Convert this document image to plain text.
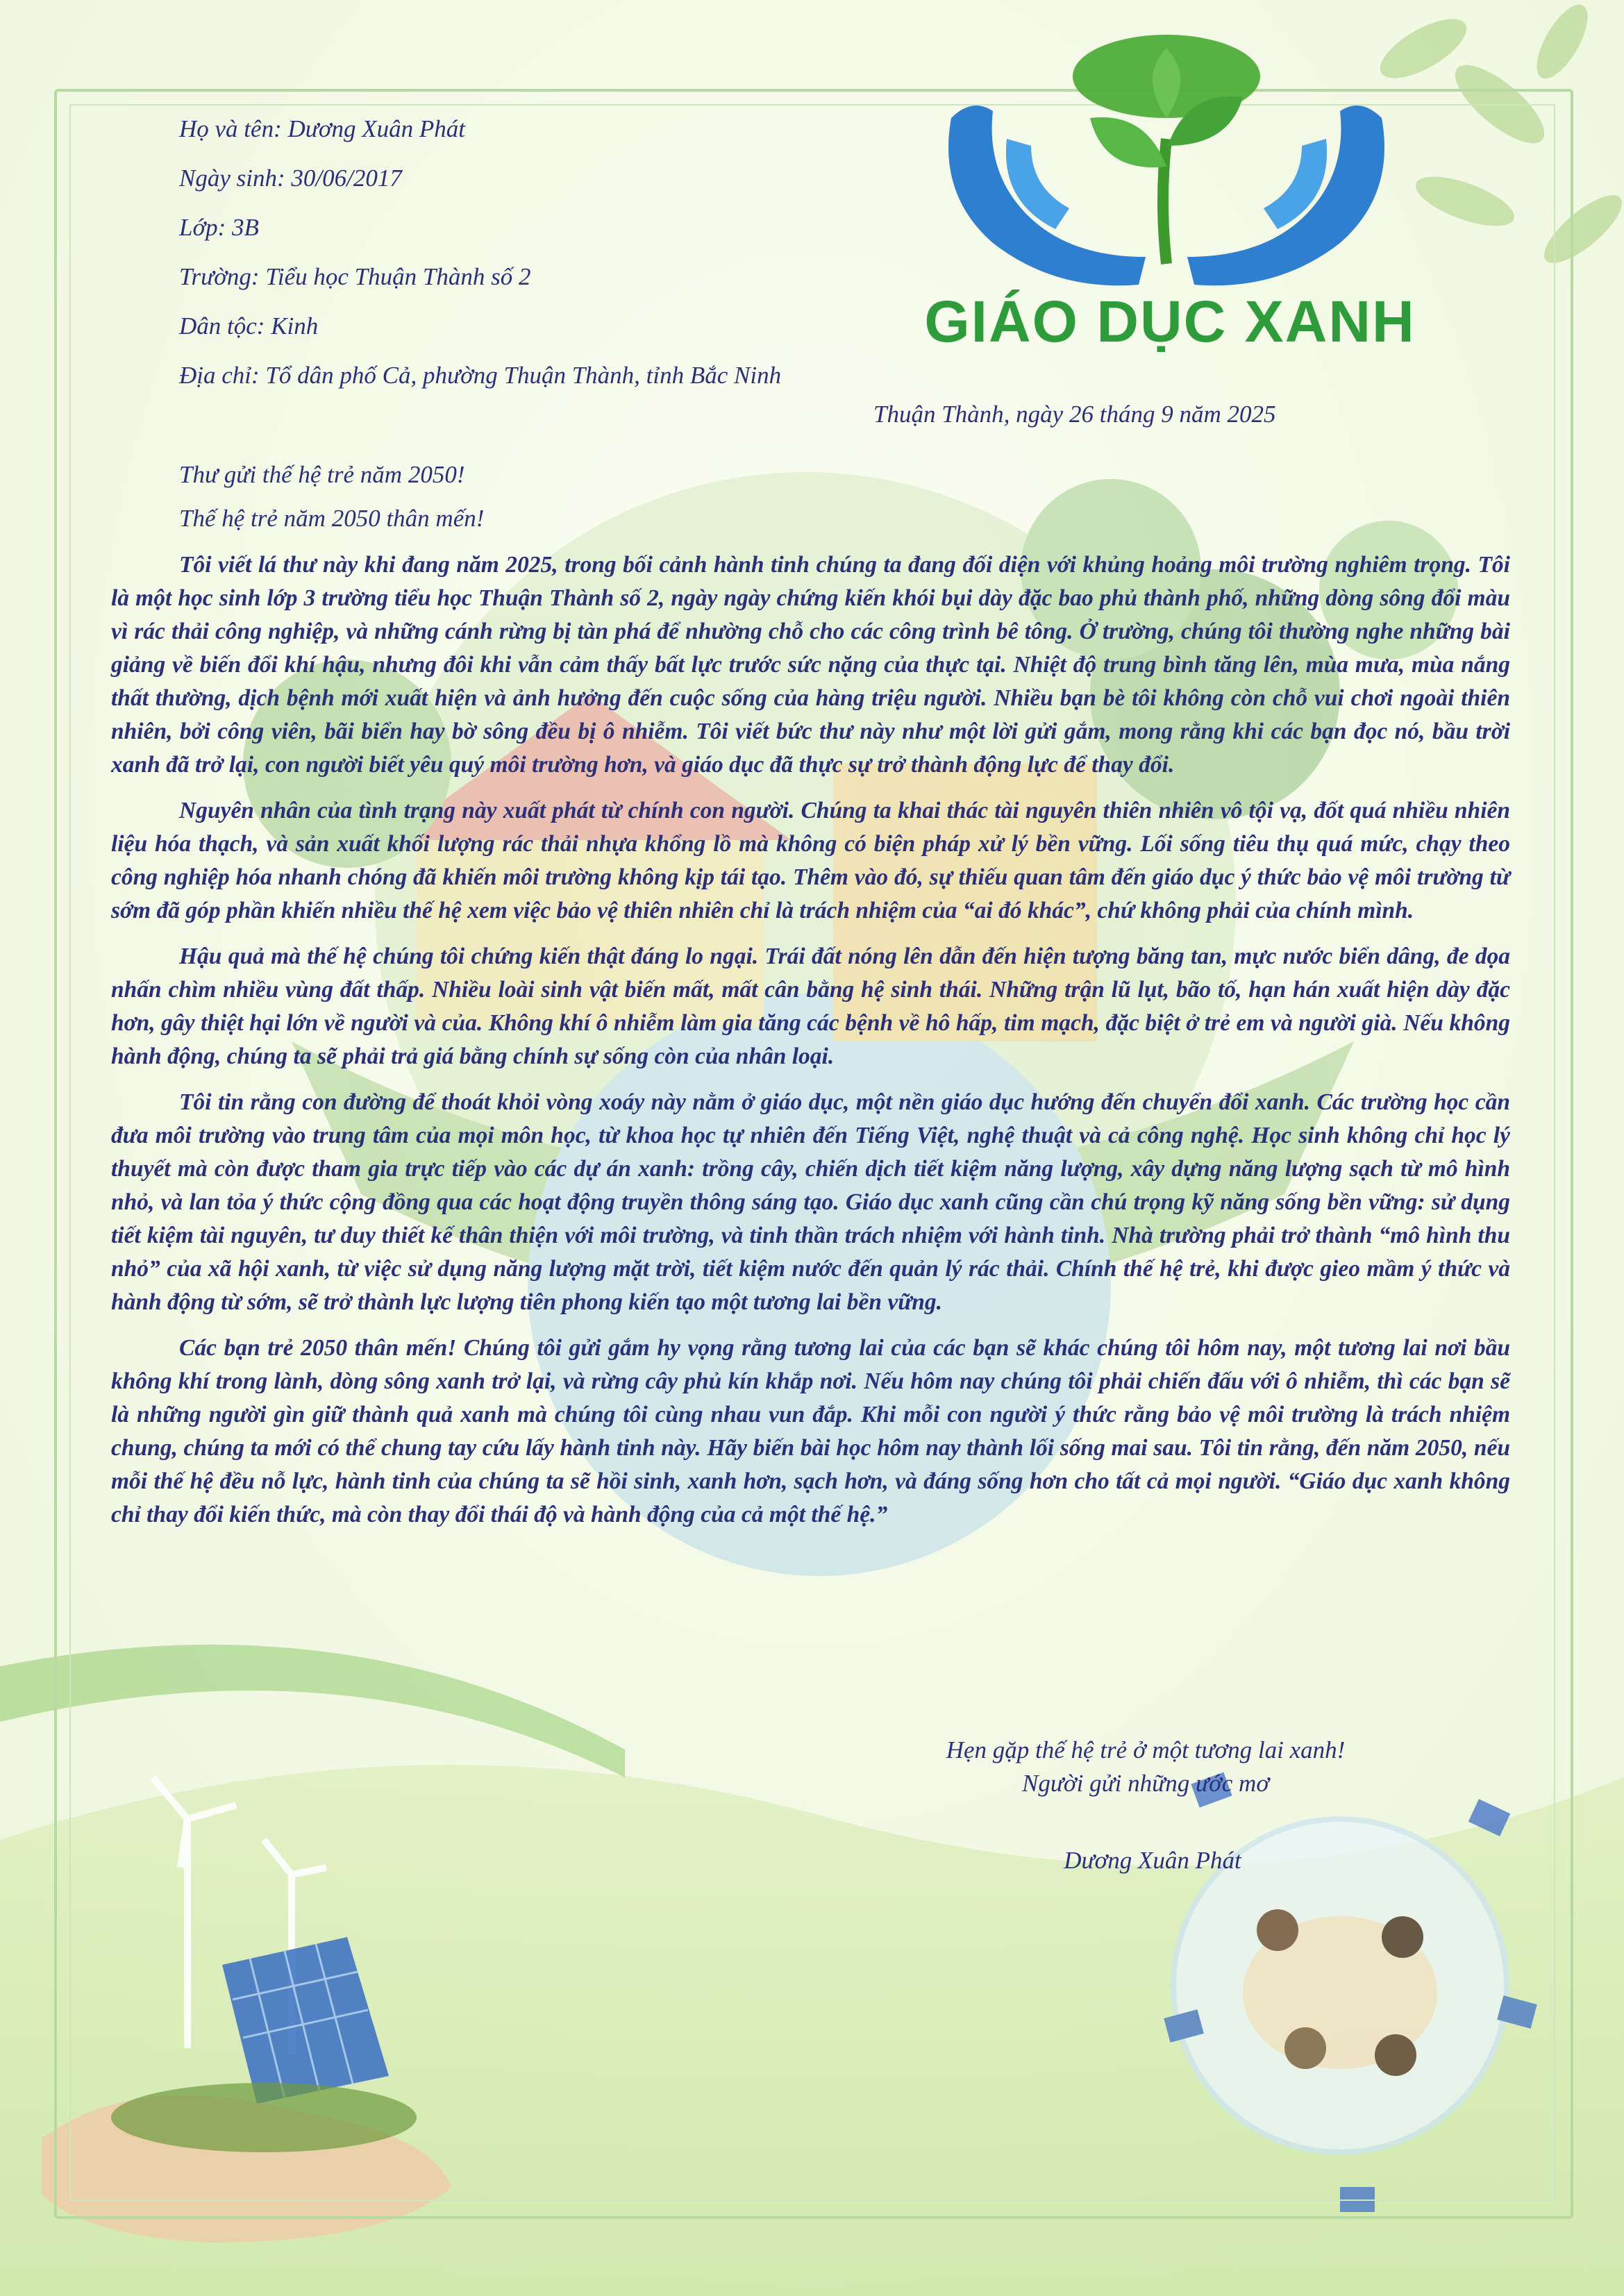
GIÁO DỤC XANH
Họ và tên: Dương Xuân Phát
Ngày sinh: 30/06/2017
Lớp: 3B
Trường: Tiểu học Thuận Thành số 2
Dân tộc: Kinh
Địa chỉ: Tổ dân phố Cả, phường Thuận Thành, tỉnh Bắc Ninh
Thuận Thành, ngày 26 tháng 9 năm 2025
Thư gửi thế hệ trẻ năm 2050!
Thế hệ trẻ năm 2050 thân mến!

Tôi viết lá thư này khi đang năm 2025, trong bối cảnh hành tinh chúng ta đang đối diện với khủng hoảng môi trường nghiêm trọng. Tôi là một học sinh lớp 3 trường tiểu học Thuận Thành số 2, ngày ngày chứng kiến khói bụi dày đặc bao phủ thành phố, những dòng sông đổi màu vì rác thải công nghiệp, và những cánh rừng bị tàn phá để nhường chỗ cho các công trình bê tông. Ở trường, chúng tôi thường nghe những bài giảng về biến đổi khí hậu, nhưng đôi khi vẫn cảm thấy bất lực trước sức nặng của thực tại. Nhiệt độ trung bình tăng lên, mùa mưa, mùa nắng thất thường, dịch bệnh mới xuất hiện và ảnh hưởng đến cuộc sống của hàng triệu người. Nhiều bạn bè tôi không còn chỗ vui chơi ngoài thiên nhiên, bởi công viên, bãi biển hay bờ sông đều bị ô nhiễm. Tôi viết bức thư này như một lời gửi gắm, mong rằng khi các bạn đọc nó, bầu trời xanh đã trở lại, con người biết yêu quý môi trường hơn, và giáo dục đã thực sự trở thành động lực để thay đổi.

Nguyên nhân của tình trạng này xuất phát từ chính con người. Chúng ta khai thác tài nguyên thiên nhiên vô tội vạ, đốt quá nhiều nhiên liệu hóa thạch, và sản xuất khối lượng rác thải nhựa khổng lồ mà không có biện pháp xử lý bền vững. Lối sống tiêu thụ quá mức, chạy theo công nghiệp hóa nhanh chóng đã khiến môi trường không kịp tái tạo. Thêm vào đó, sự thiếu quan tâm đến giáo dục ý thức bảo vệ môi trường từ sớm đã góp phần khiến nhiều thế hệ xem việc bảo vệ thiên nhiên chỉ là trách nhiệm của “ai đó khác”, chứ không phải của chính mình.

Hậu quả mà thế hệ chúng tôi chứng kiến thật đáng lo ngại. Trái đất nóng lên dẫn đến hiện tượng băng tan, mực nước biển dâng, đe dọa nhấn chìm nhiều vùng đất thấp. Nhiều loài sinh vật biến mất, mất cân bằng hệ sinh thái. Những trận lũ lụt, bão tố, hạn hán xuất hiện dày đặc hơn, gây thiệt hại lớn về người và của. Không khí ô nhiễm làm gia tăng các bệnh về hô hấp, tim mạch, đặc biệt ở trẻ em và người già. Nếu không hành động, chúng ta sẽ phải trả giá bằng chính sự sống còn của nhân loại.

Tôi tin rằng con đường để thoát khỏi vòng xoáy này nằm ở giáo dục, một nền giáo dục hướng đến chuyển đổi xanh. Các trường học cần đưa môi trường vào trung tâm của mọi môn học, từ khoa học tự nhiên đến Tiếng Việt, nghệ thuật và cả công nghệ. Học sinh không chỉ học lý thuyết mà còn được tham gia trực tiếp vào các dự án xanh: trồng cây, chiến dịch tiết kiệm năng lượng, xây dựng năng lượng sạch từ mô hình nhỏ, và lan tỏa ý thức cộng đồng qua các hoạt động truyền thông sáng tạo. Giáo dục xanh cũng cần chú trọng kỹ năng sống bền vững: sử dụng tiết kiệm tài nguyên, tư duy thiết kế thân thiện với môi trường, và tinh thần trách nhiệm với hành tinh. Nhà trường phải trở thành “mô hình thu nhỏ” của xã hội xanh, từ việc sử dụng năng lượng mặt trời, tiết kiệm nước đến quản lý rác thải. Chính thế hệ trẻ, khi được gieo mầm ý thức và hành động từ sớm, sẽ trở thành lực lượng tiên phong kiến tạo một tương lai bền vững.

Các bạn trẻ 2050 thân mến! Chúng tôi gửi gắm hy vọng rằng tương lai của các bạn sẽ khác chúng tôi hôm nay, một tương lai nơi bầu không khí trong lành, dòng sông xanh trở lại, và rừng cây phủ kín khắp nơi. Nếu hôm nay chúng tôi phải chiến đấu với ô nhiễm, thì các bạn sẽ là những người gìn giữ thành quả xanh mà chúng tôi cùng nhau vun đắp. Khi mỗi con người ý thức rằng bảo vệ môi trường là trách nhiệm chung, chúng ta mới có thể chung tay cứu lấy hành tinh này. Hãy biến bài học hôm nay thành lối sống mai sau. Tôi tin rằng, đến năm 2050, nếu mỗi thế hệ đều nỗ lực, hành tinh của chúng ta sẽ hồi sinh, xanh hơn, sạch hơn, và đáng sống hơn cho tất cả mọi người. “Giáo dục xanh không chỉ thay đổi kiến thức, mà còn thay đổi thái độ và hành động của cả một thế hệ.”

Hẹn gặp thế hệ trẻ ở một tương lai xanh!
Người gửi những ước mơ
Dương Xuân Phát
